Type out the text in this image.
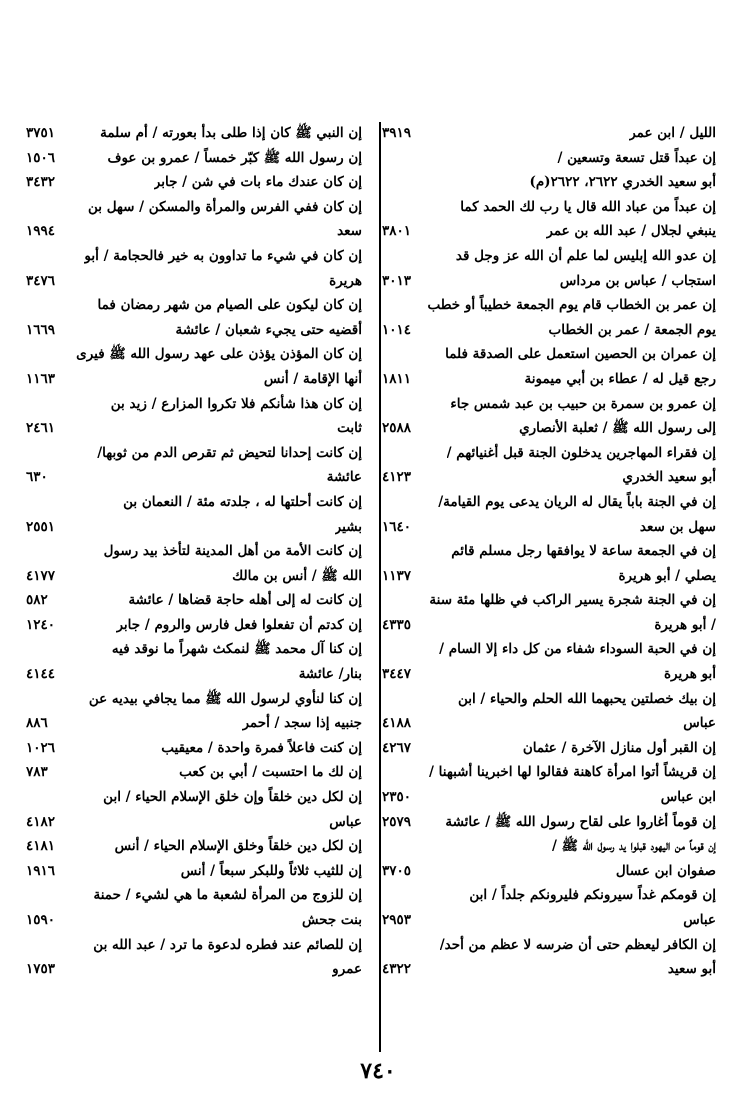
الليل / ابن عمر
٣٩١٩
إن عبداً قتل تسعة وتسعين /
أبو سعيد الخدري ٢٦٢٢، ٢٦٢٢(م)
إن عبداً من عباد الله قال يا رب لك الحمد كما
ينبغي لجلال / عبد الله بن عمر
٣٨٠١
إن عدو الله إبليس لما علم أن الله عز وجل قد
استجاب / عباس بن مرداس
٣٠١٣
إن عمر بن الخطاب قام يوم الجمعة خطيباً أو خطب
يوم الجمعة / عمر بن الخطاب
١٠١٤
إن عمران بن الحصين استعمل على الصدقة فلما
رجع قيل له / عطاء بن أبي ميمونة
١٨١١
إن عمرو بن سمرة بن حبيب بن عبد شمس جاء
إلى رسول الله ﷺ / ثعلبة الأنصاري
٢٥٨٨
إن فقراء المهاجرين يدخلون الجنة قبل أغنيائهم /
أبو سعيد الخدري
٤١٢٣
إن في الجنة باباً يقال له الريان يدعى يوم القيامة/
سهل بن سعد
١٦٤٠
إن في الجمعة ساعة لا يوافقها رجل مسلم قائم
يصلي / أبو هريرة
١١٣٧
إن في الجنة شجرة يسير الراكب في ظلها مئة سنة
/ أبو هريرة
٤٣٣٥
إن في الحبة السوداء شفاء من كل داء إلا السام /
أبو هريرة
٣٤٤٧
إن بيك خصلتين يحبهما الله الحلم والحياء / ابن
عباس
٤١٨٨
إن القبر أول منازل الآخرة / عثمان
٤٢٦٧
إن قريشاً أتوا امرأة كاهنة فقالوا لها اخبرينا أشبهنا /
ابن عباس
٢٣٥٠
إن قوماً أغاروا على لقاح رسول الله ﷺ / عائشة
٢٥٧٩
إن قوماً من اليهود قبلوا يد رسول الله ﷺ /
صفوان ابن عسال
٣٧٠٥
إن قومكم غداً سيرونكم فليرونكم جلداً / ابن
عباس
٢٩٥٣
إن الكافر ليعظم حتى أن ضرسه لا عظم من أحد/
أبو سعيد
٤٣٢٢
إن النبي ﷺ كان إذا طلى بدأ بعورته / أم سلمة
٣٧٥١
إن رسول الله ﷺ كبّر خمساً / عمرو بن عوف
١٥٠٦
إن كان عندك ماء بات في شن / جابر
٣٤٣٢
إن كان ففي الفرس والمرأة والمسكن / سهل بن
سعد
١٩٩٤
إن كان في شيء ما تداوون به خير فالحجامة / أبو
هريرة
٣٤٧٦
إن كان ليكون على الصيام من شهر رمضان فما
أقضيه حتى يجيء شعبان / عائشة
١٦٦٩
إن كان المؤذن يؤذن على عهد رسول الله ﷺ فيرى
أنها الإقامة / أنس
١١٦٣
إن كان هذا شأنكم فلا تكروا المزارع / زيد بن
ثابت
٢٤٦١
إن كانت إحدانا لتحيض ثم تقرص الدم من ثوبها/
عائشة
٦٣٠
إن كانت أحلتها له ، جلدته مئة / النعمان بن
بشير
٢٥٥١
إن كانت الأمة من أهل المدينة لتأخذ بيد رسول
الله ﷺ / أنس بن مالك
٤١٧٧
إن كانت له إلى أهله حاجة قضاها / عائشة
٥٨٢
إن كدتم أن تفعلوا فعل فارس والروم / جابر
١٢٤٠
إن كنا آل محمد ﷺ لنمكث شهراً ما نوقد فيه
بنار/ عائشة
٤١٤٤
إن كنا لنأوي لرسول الله ﷺ مما يجافي بيديه عن
جنبيه إذا سجد / أحمر
٨٨٦
إن كنت فاعلاً فمرة واحدة / معيقيب
١٠٢٦
إن لك ما احتسبت / أبي بن كعب
٧٨٣
إن لكل دين خلقاً وإن خلق الإسلام الحياء / ابن
عباس
٤١٨٢
إن لكل دين خلقاً وخلق الإسلام الحياء / أنس
٤١٨١
إن للثيب ثلاثاً وللبكر سبعاً / أنس
١٩١٦
إن للزوج من المرأة لشعبة ما هي لشيء / حمنة
بنت جحش
١٥٩٠
إن للصائم عند فطره لدعوة ما ترد / عبد الله بن
عمرو
١٧٥٣
٧٤٠
